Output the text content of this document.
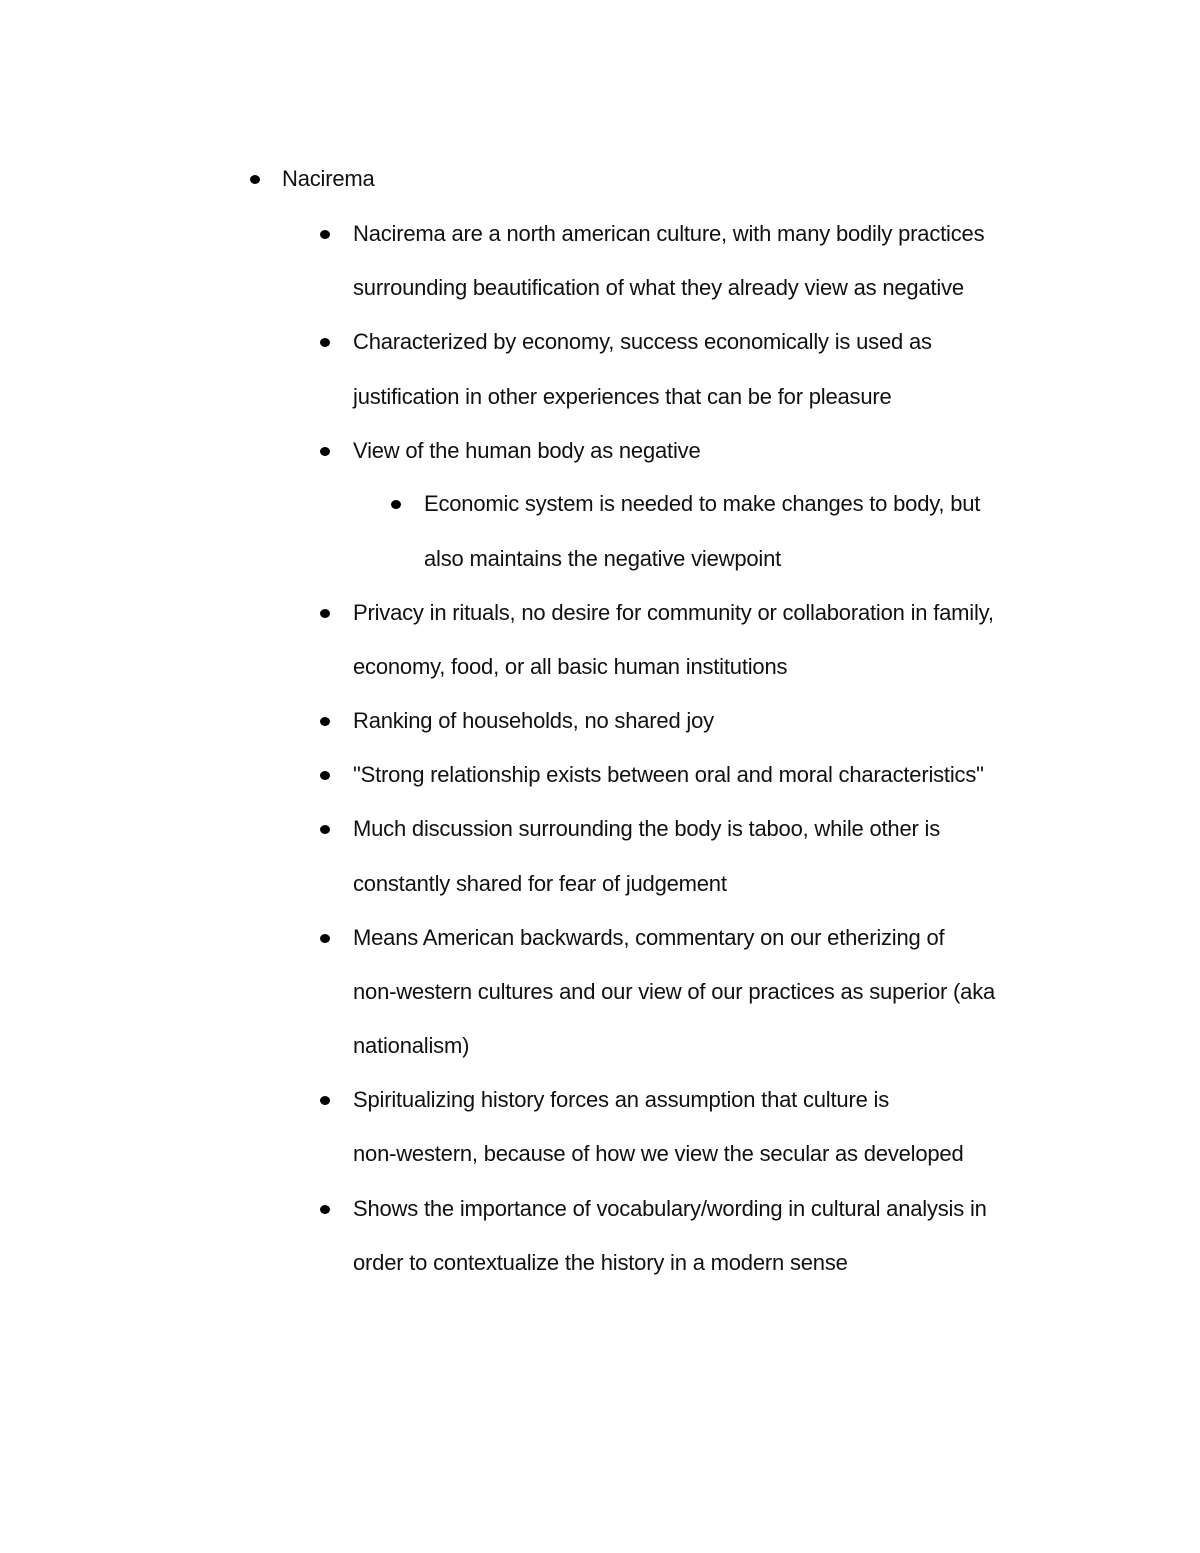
Nacirema
Nacirema are a north american culture, with many bodily practices
surrounding beautification of what they already view as negative
Characterized by economy, success economically is used as
justification in other experiences that can be for pleasure
View of the human body as negative
Economic system is needed to make changes to body, but
also maintains the negative viewpoint
Privacy in rituals, no desire for community or collaboration in family,
economy, food, or all basic human institutions
Ranking of households, no shared joy
"Strong relationship exists between oral and moral characteristics"
Much discussion surrounding the body is taboo, while other is
constantly shared for fear of judgement
Means American backwards, commentary on our etherizing of
non-western cultures and our view of our practices as superior (aka
nationalism)
Spiritualizing history forces an assumption that culture is
non-western, because of how we view the secular as developed
Shows the importance of vocabulary/wording in cultural analysis in
order to contextualize the history in a modern sense
